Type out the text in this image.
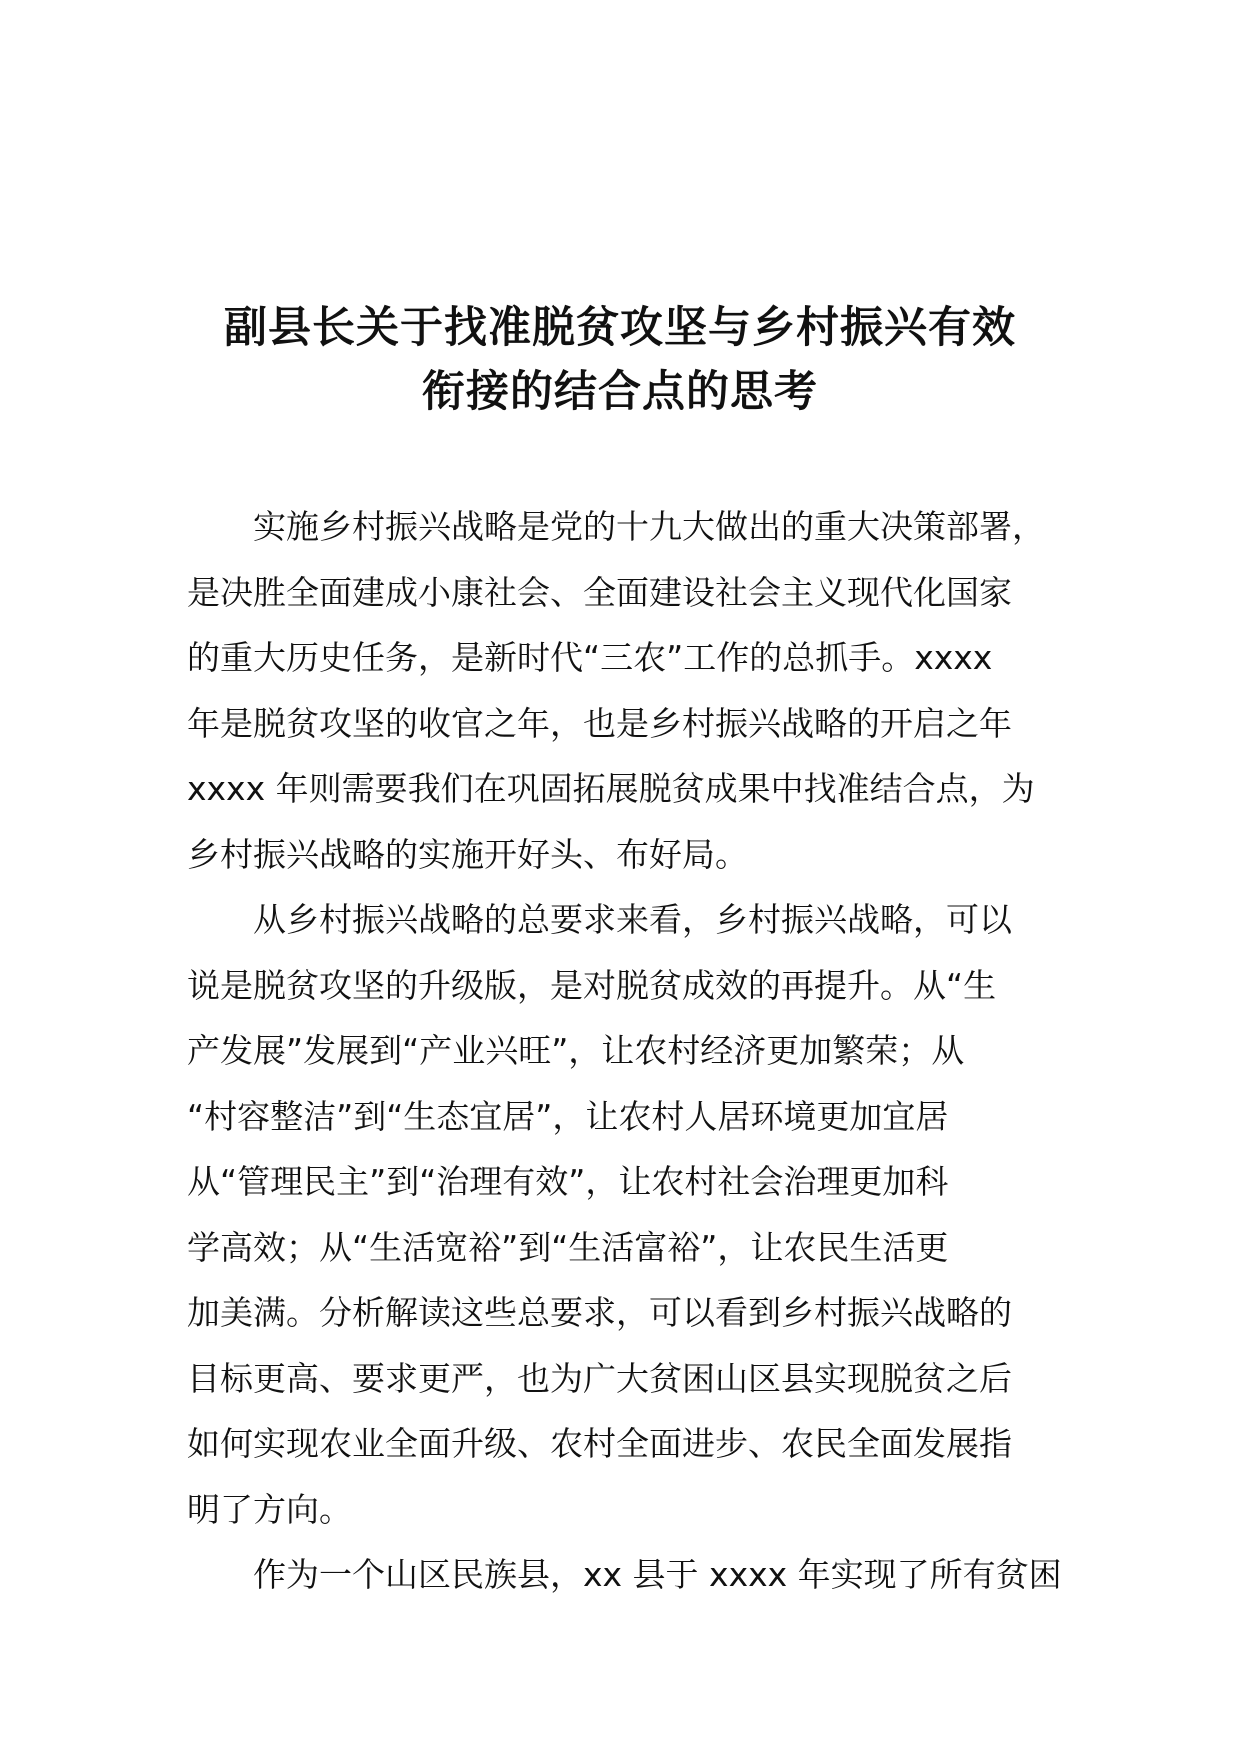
副县长关于找准脱贫攻坚与乡村振兴有效
衔接的结合点的思考
实施乡村振兴战略是党的十九大做出的重大决策部署，
是决胜全面建成小康社会、全面建设社会主义现代化国家
的重大历史任务，是新时代“三农”工作的总抓手。xxxx
年是脱贫攻坚的收官之年，也是乡村振兴战略的开启之年
xxxx 年则需要我们在巩固拓展脱贫成果中找准结合点，为
乡村振兴战略的实施开好头、布好局。
从乡村振兴战略的总要求来看，乡村振兴战略，可以
说是脱贫攻坚的升级版，是对脱贫成效的再提升。从“生
产发展”发展到“产业兴旺”，让农村经济更加繁荣；从
“村容整洁”到“生态宜居”，让农村人居环境更加宜居
从“管理民主”到“治理有效”，让农村社会治理更加科
学高效；从“生活宽裕”到“生活富裕”，让农民生活更
加美满。分析解读这些总要求，可以看到乡村振兴战略的
目标更高、要求更严，也为广大贫困山区县实现脱贫之后
如何实现农业全面升级、农村全面进步、农民全面发展指
明了方向。
作为一个山区民族县，xx 县于 xxxx 年实现了所有贫困
